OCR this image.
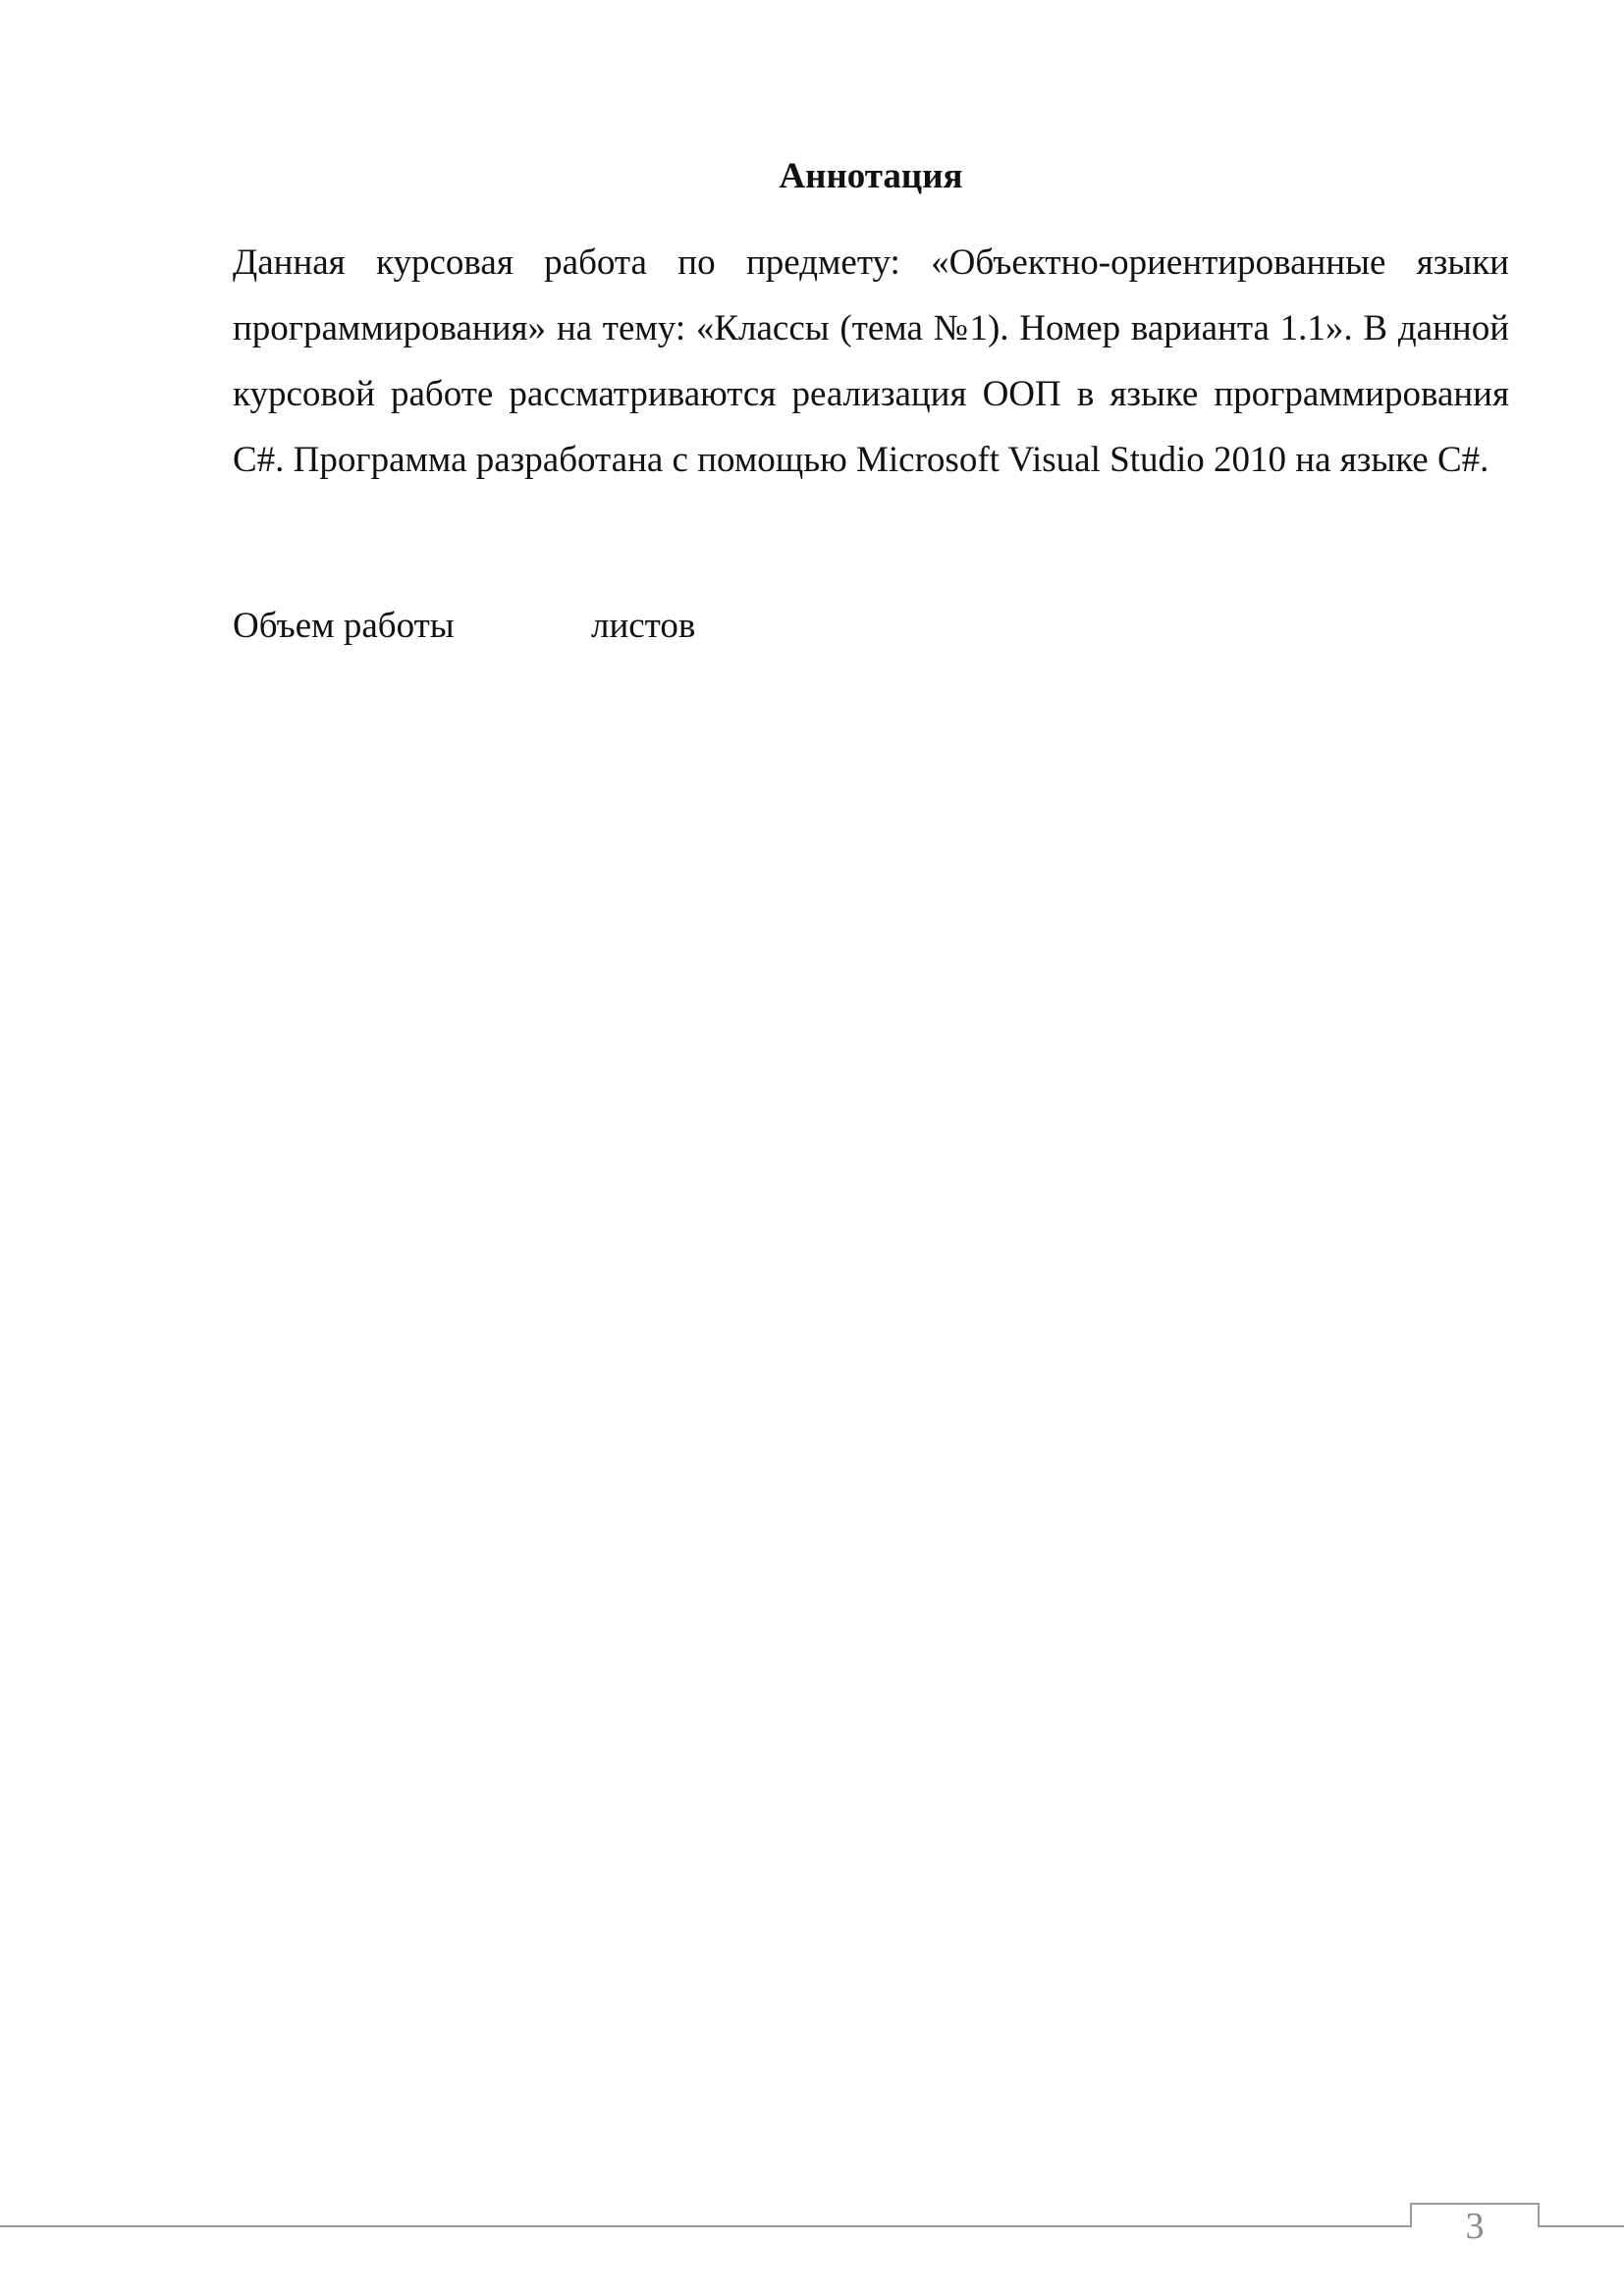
Аннотация

Данная курсовая работа по предмету: «Объектно-ориентированные языки программирования» на тему: «Классы (тема №1). Номер варианта 1.1». В данной курсовой работе рассматриваются реализация ООП в языке программирования C#. Программа разработана с помощью Microsoft Visual Studio 2010 на языке C#.

Объем работы	листов
3
